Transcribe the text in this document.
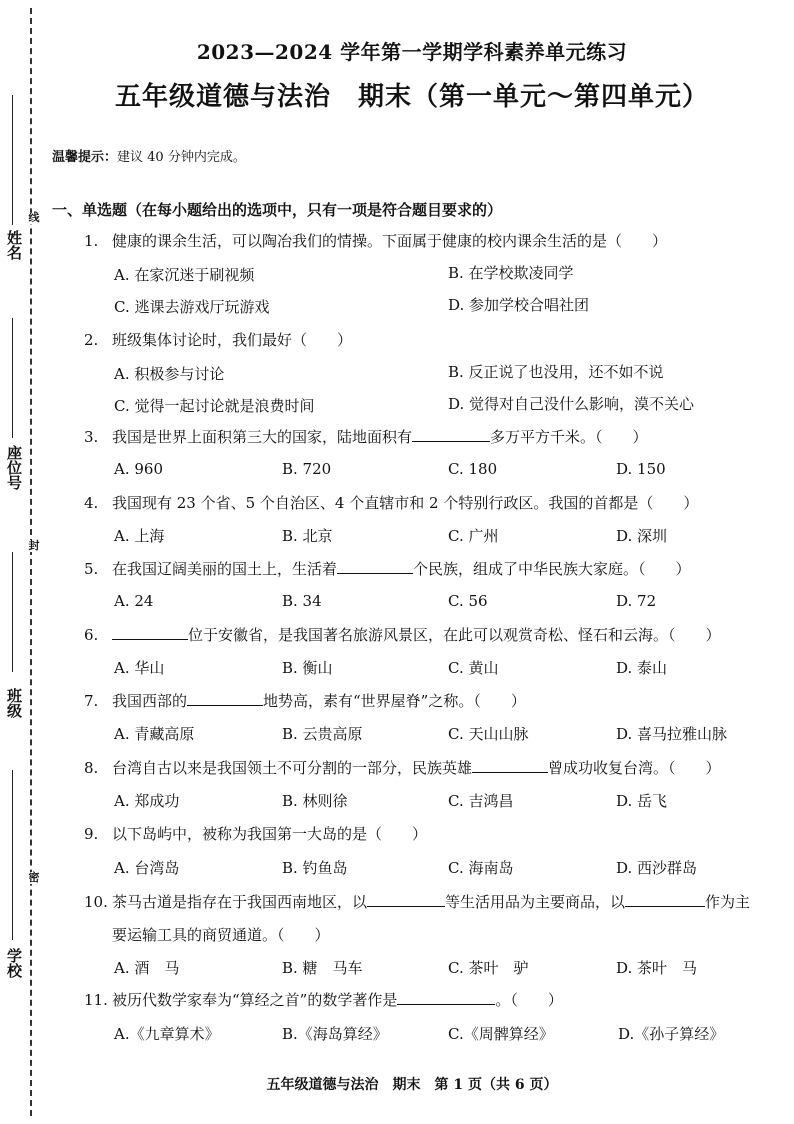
姓名
座位号
班级
学校
线
封
密
2023—2024 学年第一学期学科素养单元练习
五年级道德与法治　期末（第一单元～第四单元）
温馨提示：建议 40 分钟内完成。
一、单选题（在每小题给出的选项中，只有一项是符合题目要求的）
1. 健康的课余生活，可以陶冶我们的情操。下面属于健康的校内课余生活的是（　　）
A. 在家沉迷于刷视频	B. 在学校欺凌同学
C. 逃课去游戏厅玩游戏	D. 参加学校合唱社团
2. 班级集体讨论时，我们最好（　　）
A. 积极参与讨论	B. 反正说了也没用，还不如不说
C. 觉得一起讨论就是浪费时间	D. 觉得对自己没什么影响，漠不关心
3. 我国是世界上面积第三大的国家，陆地面积有	多万平方千米。（　　）
A. 960	B. 720	C. 180	D. 150
4. 我国现有 23 个省、5 个自治区、4 个直辖市和 2 个特别行政区。我国的首都是（　　）
A. 上海	B. 北京	C. 广州	D. 深圳
5. 在我国辽阔美丽的国土上，生活着	个民族，组成了中华民族大家庭。（　　）
A. 24	B. 34	C. 56	D. 72
6.	位于安徽省，是我国著名旅游风景区，在此可以观赏奇松、怪石和云海。（　　）
A. 华山	B. 衡山	C. 黄山	D. 泰山
7. 我国西部的	地势高，素有“世界屋脊”之称。（　　）
A. 青藏高原	B. 云贵高原	C. 天山山脉	D. 喜马拉雅山脉
8. 台湾自古以来是我国领土不可分割的一部分，民族英雄	曾成功收复台湾。（　　）
A. 郑成功	B. 林则徐	C. 吉鸿昌	D. 岳飞
9. 以下岛屿中，被称为我国第一大岛的是（　　）
A. 台湾岛	B. 钓鱼岛	C. 海南岛	D. 西沙群岛
10. 茶马古道是指存在于我国西南地区，以	等生活用品为主要商品，以	作为主
要运输工具的商贸通道。（　　）
A. 酒　马	B. 糖　马车	C. 茶叶　驴	D. 茶叶　马
11. 被历代数学家奉为“算经之首”的数学著作是	。（　　）
A.《九章算术》	B.《海岛算经》	C.《周髀算经》	D.《孙子算经》
五年级道德与法治　期末　第 1 页（共 6 页）
